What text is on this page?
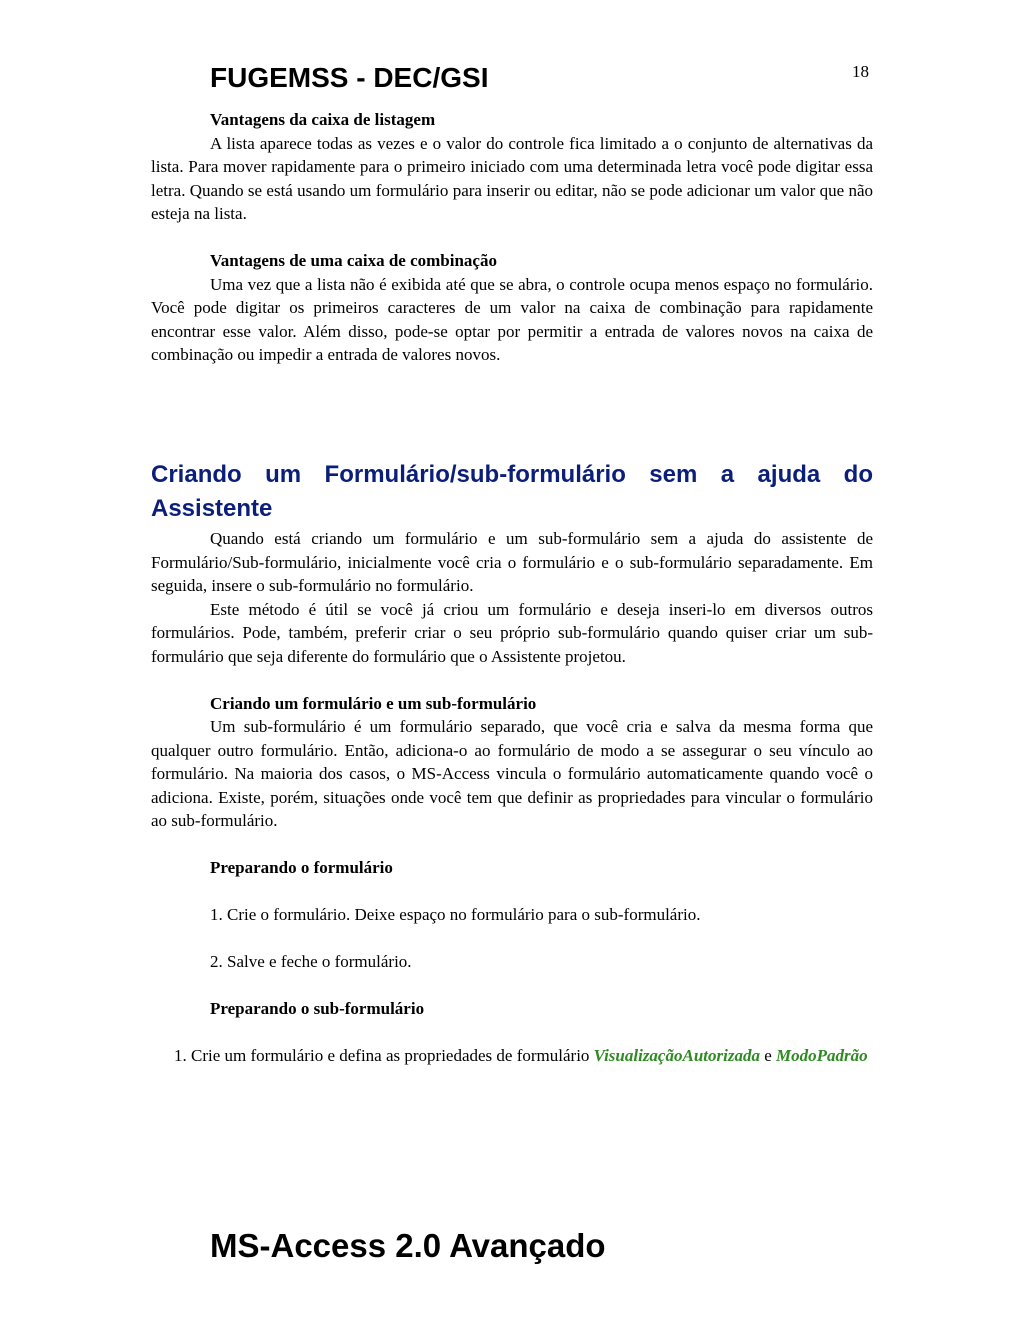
FUGEMSS - DEC/GSI	18

Vantagens da caixa de listagem

A lista aparece todas as vezes e o valor do controle fica limitado a o conjunto de alternativas da lista. Para mover rapidamente para o primeiro iniciado com uma determinada letra você pode digitar essa letra. Quando se está usando um formulário para inserir ou editar, não se pode adicionar um valor que não esteja na lista.

Vantagens de uma caixa de combinação

Uma vez que a lista não é exibida até que se abra, o controle ocupa menos espaço no formulário. Você pode digitar os primeiros caracteres de um valor na caixa de combinação para rapidamente encontrar esse valor. Além disso, pode-se optar por permitir a entrada de valores novos na caixa de combinação ou impedir a entrada de valores novos.

Criando um Formulário/sub-formulário sem a ajuda do Assistente

Quando está criando um formulário e um sub-formulário sem a ajuda do assistente de Formulário/Sub-formulário, inicialmente você cria o formulário e o sub-formulário separadamente. Em seguida, insere o sub-formulário no formulário.

Este método é útil se você já criou um formulário e deseja inseri-lo em diversos outros formulários. Pode, também, preferir criar o seu próprio sub-formulário quando quiser criar um sub-formulário que seja diferente do formulário que o Assistente projetou.

Criando um formulário e um sub-formulário

Um sub-formulário é um formulário separado, que você cria e salva da mesma forma que qualquer outro formulário. Então, adiciona-o ao formulário de modo a se assegurar o seu vínculo ao formulário. Na maioria dos casos, o MS-Access vincula o formulário automaticamente quando você o adiciona. Existe, porém, situações onde você tem que definir as propriedades para vincular o formulário ao sub-formulário.

Preparando o formulário

1. Crie o formulário. Deixe espaço no formulário para o sub-formulário.

2. Salve e feche o formulário.

Preparando o sub-formulário

1. Crie um formulário e defina as propriedades de formulário VisualizaçãoAutorizada e ModoPadrão

MS-Access 2.0 Avançado
